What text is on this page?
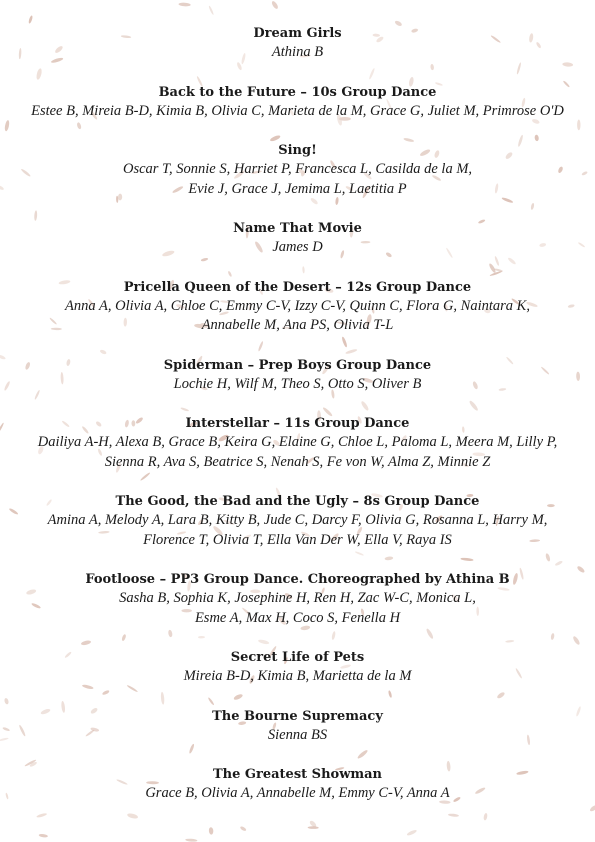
Dream Girls

Athina B

Back to the Future – 10s Group Dance

Estee B, Mireia B-D, Kimia B, Olivia C, Marieta de la M, Grace G, Juliet M, Primrose O'D

Sing!

Oscar T, Sonnie S, Harriet P, Francesca L, Casilda de la M,

Evie J, Grace J, Jemima L, Laetitia P

Name That Movie

James D

Pricella Queen of the Desert – 12s Group Dance

Anna A, Olivia A, Chloe C, Emmy C-V, Izzy C-V, Quinn C, Flora G, Naintara K,

Annabelle M, Ana PS, Olivia T-L

Spiderman – Prep Boys Group Dance

Lochie H, Wilf M, Theo S, Otto S, Oliver B

Interstellar – 11s Group Dance

Dailiya A-H, Alexa B, Grace B, Keira G, Elaine G, Chloe L, Paloma L, Meera M, Lilly P,

Sienna R, Ava S, Beatrice S, Nenah S, Fe von W, Alma Z, Minnie Z

The Good, the Bad and the Ugly – 8s Group Dance

Amina A, Melody A, Lara B, Kitty B, Jude C, Darcy F, Olivia G, Rosanna L, Harry M,

Florence T, Olivia T, Ella Van Der W, Ella V, Raya IS

Footloose – PP3 Group Dance. Choreographed by Athina B

Sasha B, Sophia K, Josephine H, Ren H, Zac W-C, Monica L,

Esme A, Max H, Coco S, Fenella H

Secret Life of Pets

Mireia B-D, Kimia B, Marietta de la M

The Bourne Supremacy

Sienna BS

The Greatest Showman

Grace B, Olivia A, Annabelle M, Emmy C-V, Anna A
